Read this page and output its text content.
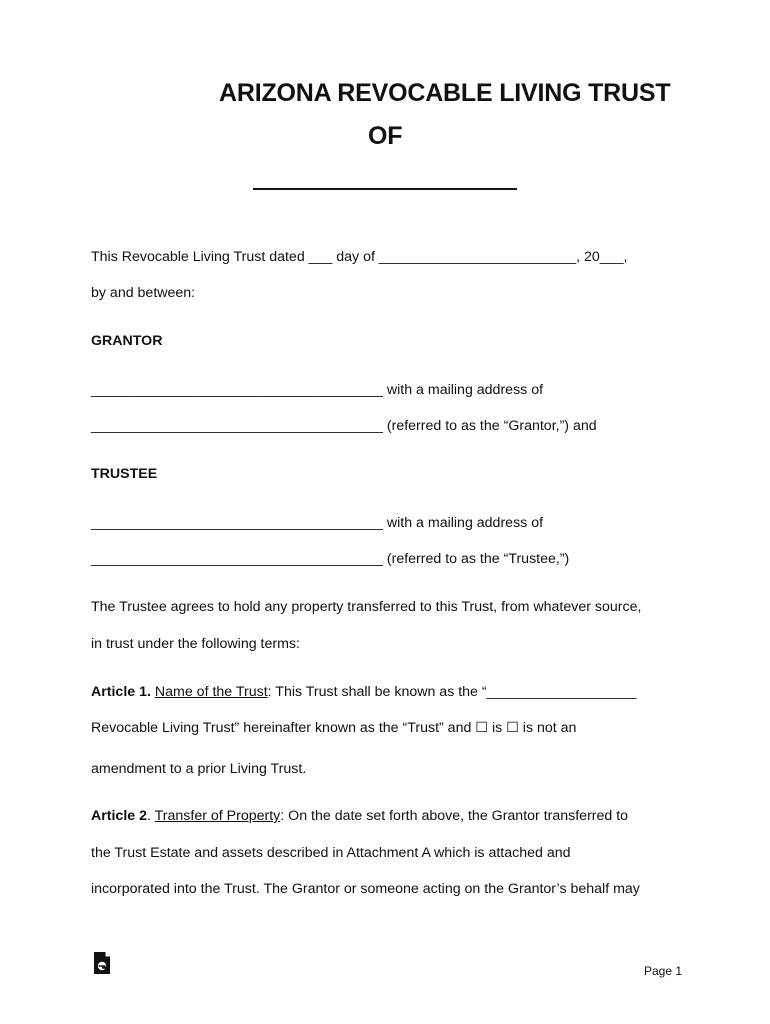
ARIZONA REVOCABLE LIVING TRUST
OF
This Revocable Living Trust dated ___ day of _________________________, 20___,
by and between:
GRANTOR
_____________________________________ with a mailing address of
_____________________________________ (referred to as the “Grantor,”) and
TRUSTEE
_____________________________________ with a mailing address of
_____________________________________ (referred to as the “Trustee,”)
The Trustee agrees to hold any property transferred to this Trust, from whatever source,
in trust under the following terms:
Article 1. Name of the Trust: This Trust shall be known as the “___________________
Revocable Living Trust” hereinafter known as the “Trust” and ☐ is ☐ is not an
amendment to a prior Living Trust.
Article 2. Transfer of Property: On the date set forth above, the Grantor transferred to
the Trust Estate and assets described in Attachment A which is attached and
incorporated into the Trust. The Grantor or someone acting on the Grantor’s behalf may
Page 1
